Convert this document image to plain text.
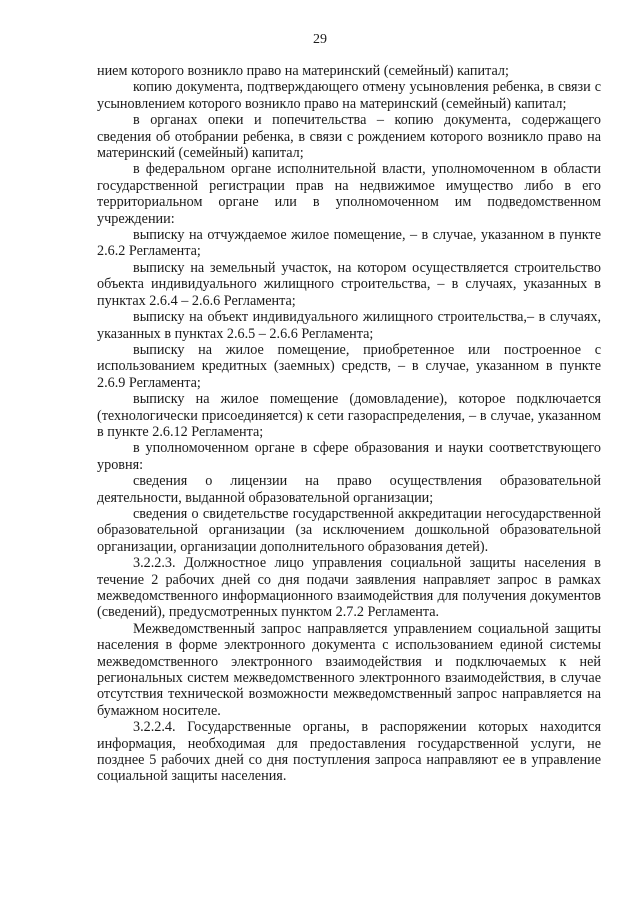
29

нием которого возникло право на материнский (семейный) капитал;

копию документа, подтверждающего отмену усыновления ребенка, в связи с усыновлением которого возникло право на материнский (семейный) капитал;

в органах опеки и попечительства – копию документа, содержащего сведения об отобрании ребенка, в связи с рождением которого возникло право на материнский (семейный) капитал;

в федеральном органе исполнительной власти, уполномоченном в области государственной регистрации прав на недвижимое имущество либо в его территориальном органе или в уполномоченном им подведомственном учреждении:

выписку на отчуждаемое жилое помещение, – в случае, указанном в пункте 2.6.2 Регламента;

выписку на земельный участок, на котором осуществляется строительство объекта индивидуального жилищного строительства, – в случаях, указанных в пунктах 2.6.4 – 2.6.6 Регламента;

выписку на объект индивидуального жилищного строительства,– в случаях, указанных в пунктах 2.6.5 – 2.6.6 Регламента;

выписку на жилое помещение, приобретенное или построенное с использованием кредитных (заемных) средств, – в случае, указанном в пункте 2.6.9 Регламента;

выписку на жилое помещение (домовладение), которое подключается (технологически присоединяется) к сети газораспределения, – в случае, указанном в пункте 2.6.12 Регламента;

в уполномоченном органе в сфере образования и науки соответствующего уровня:

сведения о лицензии на право осуществления образовательной деятельности, выданной образовательной организации;

сведения о свидетельстве государственной аккредитации негосударственной образовательной организации (за исключением дошкольной образовательной организации, организации дополнительного образования детей).

3.2.2.3. Должностное лицо управления социальной защиты населения в течение 2 рабочих дней со дня подачи заявления направляет запрос в рамках межведомственного информационного взаимодействия для получения документов (сведений), предусмотренных пунктом 2.7.2 Регламента.

Межведомственный запрос направляется управлением социальной защиты населения в форме электронного документа с использованием единой системы межведомственного электронного взаимодействия и подключаемых к ней региональных систем межведомственного электронного взаимодействия, в случае отсутствия технической возможности межведомственный запрос направляется на бумажном носителе.

3.2.2.4. Государственные органы, в распоряжении которых находится информация, необходимая для предоставления государственной услуги, не позднее 5 рабочих дней со дня поступления запроса направляют ее в управление социальной защиты населения.
